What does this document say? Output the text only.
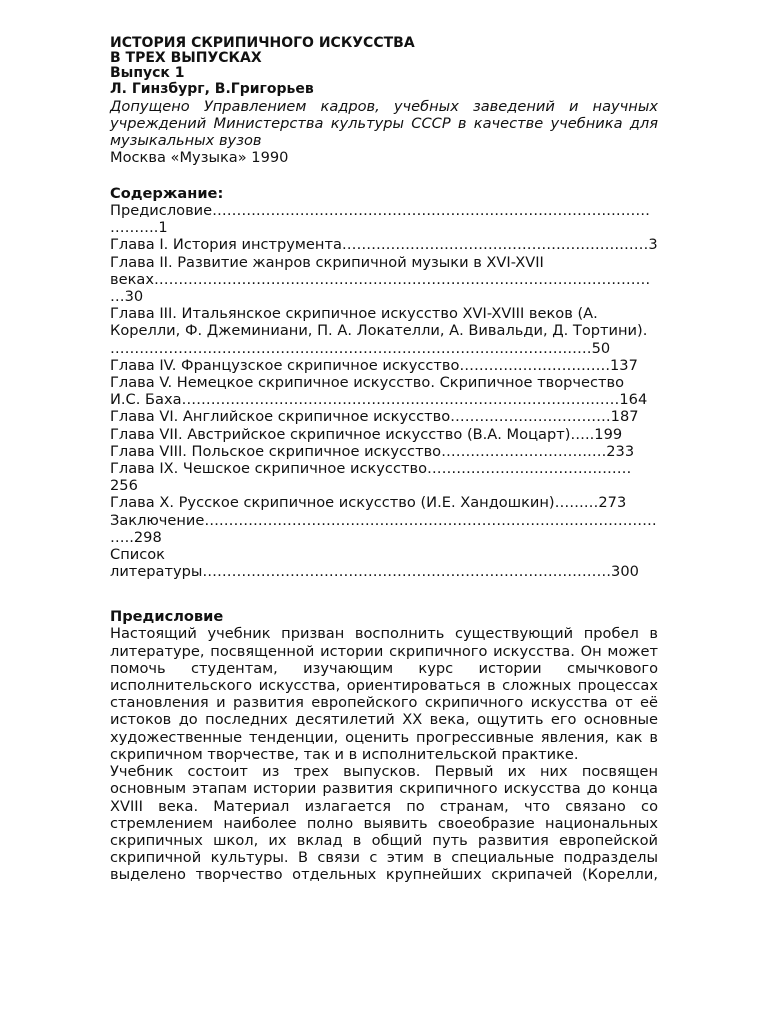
ИСТОРИЯ СКРИПИЧНОГО ИСКУССТВА
В ТРЕХ ВЫПУСКАХ
Выпуск 1
Л. Гинзбург, В.Григорьев
Допущено Управлением кадров, учебных заведений и научных учреждений Министерства культуры СССР в качестве учебника для музыкальных вузов
Москва «Музыка» 1990
Содержание:
Предисловие……………………………………………………………………………………….1
Глава I. История инструмента………………………………………………………3
Глава II. Развитие жанров скрипичной музыки в XVI-XVII веках……………………………………………………………………………………………30
Глава III. Итальянское скрипичное искусство XVI-XVIII веков (А. Корелли, Ф. Джеминиани, П. А. Локателли, А. Вивальди, Д. Тортини). ………………………………………………………………………………………50
Глава IV. Французское скрипичное искусство………………………….137
Глава V. Немецкое скрипичное искусство. Скрипичное творчество И.С. Баха………………………………………………………………………………164
Глава VI. Английское скрипичное искусство……………………………187
Глава VII. Австрийское скрипичное искусство (В.А. Моцарт)…..199
Глава VIII. Польское скрипичное искусство…………………………….233
Глава IX. Чешское скрипичное искусство……………………………………256
Глава X. Русское скрипичное искусство (И.Е. Хандошкин)………273
Заключение……………………………………………………………………………………..298
Список литературы…………………………………………………………………………300
Предисловие
Настоящий учебник призван восполнить существующий пробел в литературе, посвященной истории скрипичного искусства. Он может помочь студентам, изучающим курс истории смычкового исполнительского искусства, ориентироваться в сложных процессах становления и развития европейского скрипичного искусства от её истоков до последних десятилетий XX века, ощутить его основные художественные тенденции, оценить прогрессивные явления, как в скрипичном творчестве, так и в исполнительской практике.
Учебник состоит из трех выпусков. Первый их них посвящен основным этапам истории развития скрипичного искусства до конца XVIII века. Материал излагается по странам, что связано со стремлением наиболее полно выявить своеобразие национальных скрипичных школ, их вклад в общий путь развития европейской скрипичной культуры. В связи с этим в специальные подразделы выделено творчество отдельных крупнейших скрипачей (Корелли,
